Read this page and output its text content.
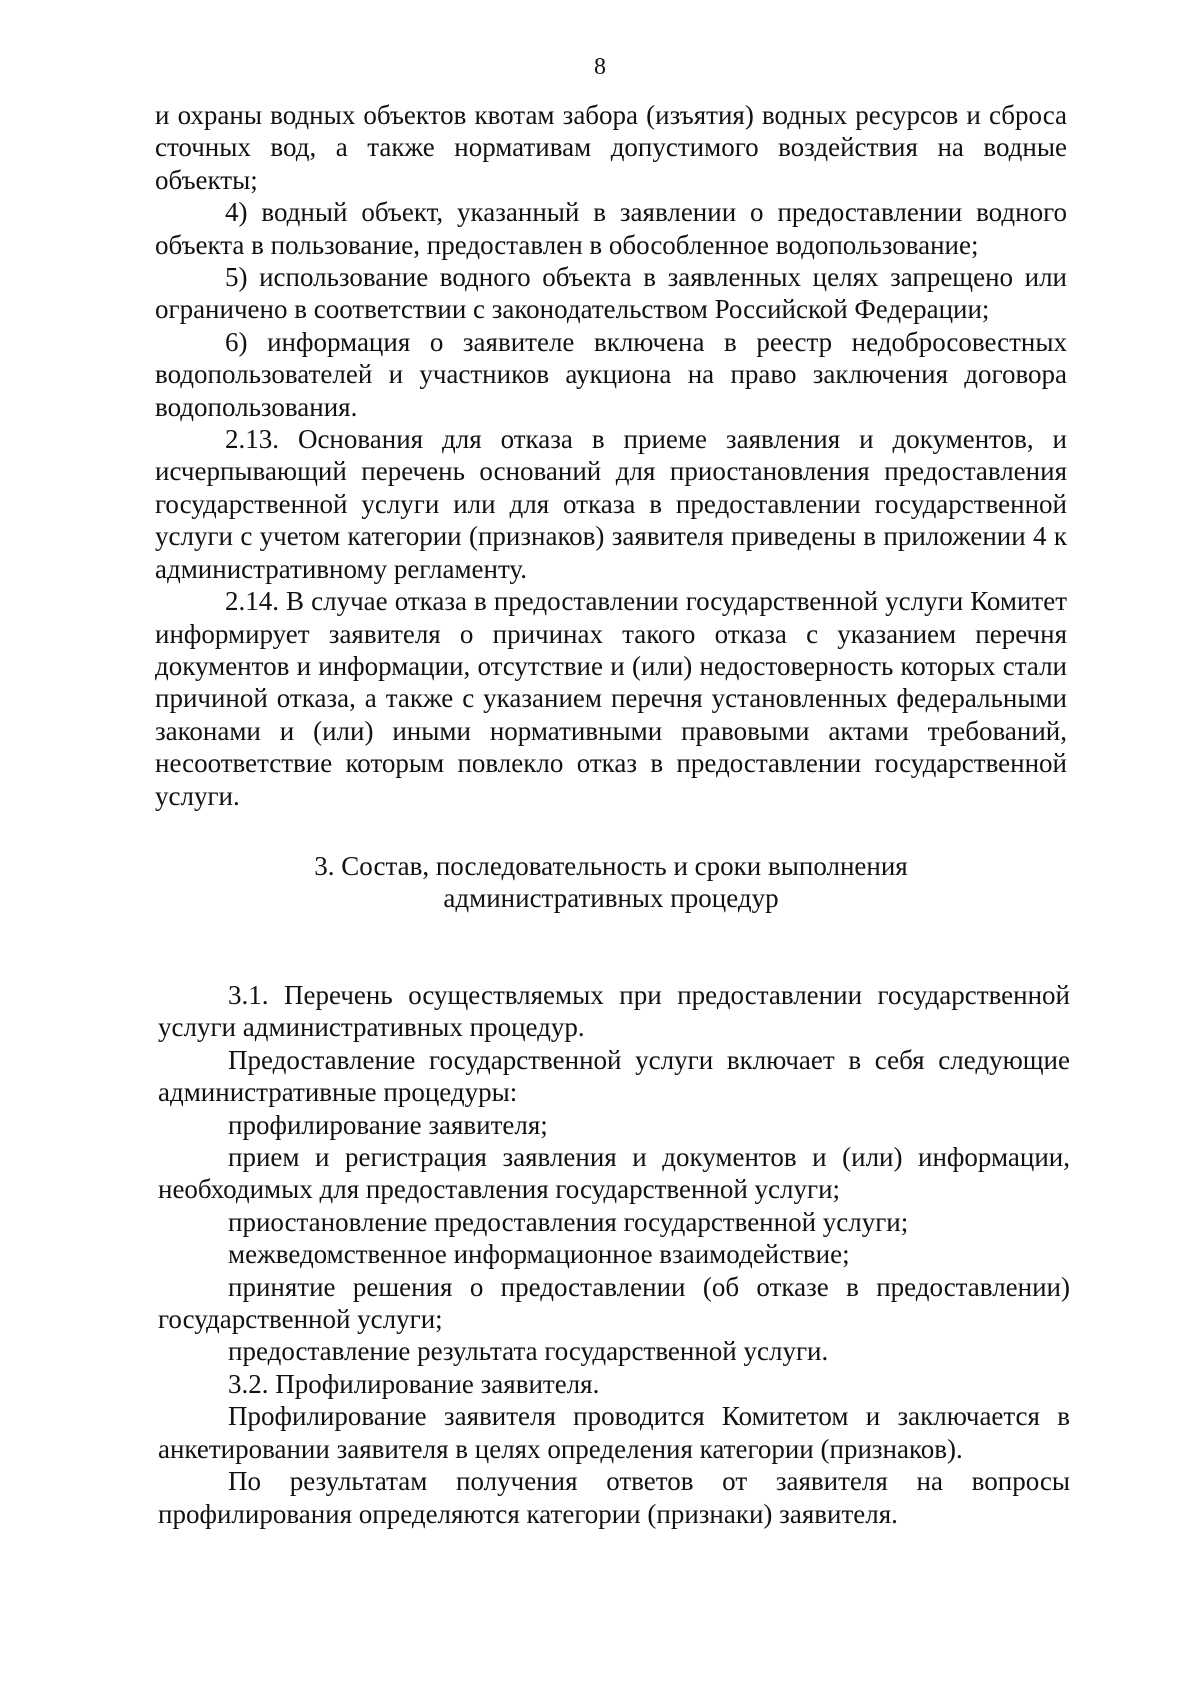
8

и охраны водных объектов квотам забора (изъятия) водных ресурсов и сброса сточных вод, а также нормативам допустимого воздействия на водные объекты;

4) водный объект, указанный в заявлении о предоставлении водного объекта в пользование, предоставлен в обособленное водопользование;

5) использование водного объекта в заявленных целях запрещено или ограничено в соответствии с законодательством Российской Федерации;

6) информация о заявителе включена в реестр недобросовестных водопользователей и участников аукциона на право заключения договора водопользования.

2.13. Основания для отказа в приеме заявления и документов, и исчерпывающий перечень оснований для приостановления предоставления государственной услуги или для отказа в предоставлении государственной услуги с учетом категории (признаков) заявителя приведены в приложении 4 к административному регламенту.

2.14. В случае отказа в предоставлении государственной услуги Комитет информирует заявителя о причинах такого отказа с указанием перечня документов и информации, отсутствие и (или) недостоверность которых стали причиной отказа, а также с указанием перечня установленных федеральными законами и (или) иными нормативными правовыми актами требований, несоответствие которым повлекло отказ в предоставлении государственной услуги.

3. Состав, последовательность и сроки выполнения
административных процедур

3.1. Перечень осуществляемых при предоставлении государственной услуги административных процедур.

Предоставление государственной услуги включает в себя следующие административные процедуры:

профилирование заявителя;

прием и регистрация заявления и документов и (или) информации, необходимых для предоставления государственной услуги;

приостановление предоставления государственной услуги;

межведомственное информационное взаимодействие;

принятие решения о предоставлении (об отказе в предоставлении) государственной услуги;

предоставление результата государственной услуги.

3.2. Профилирование заявителя.

Профилирование заявителя проводится Комитетом и заключается в анкетировании заявителя в целях определения категории (признаков).

По результатам получения ответов от заявителя на вопросы профилирования определяются категории (признаки) заявителя.
